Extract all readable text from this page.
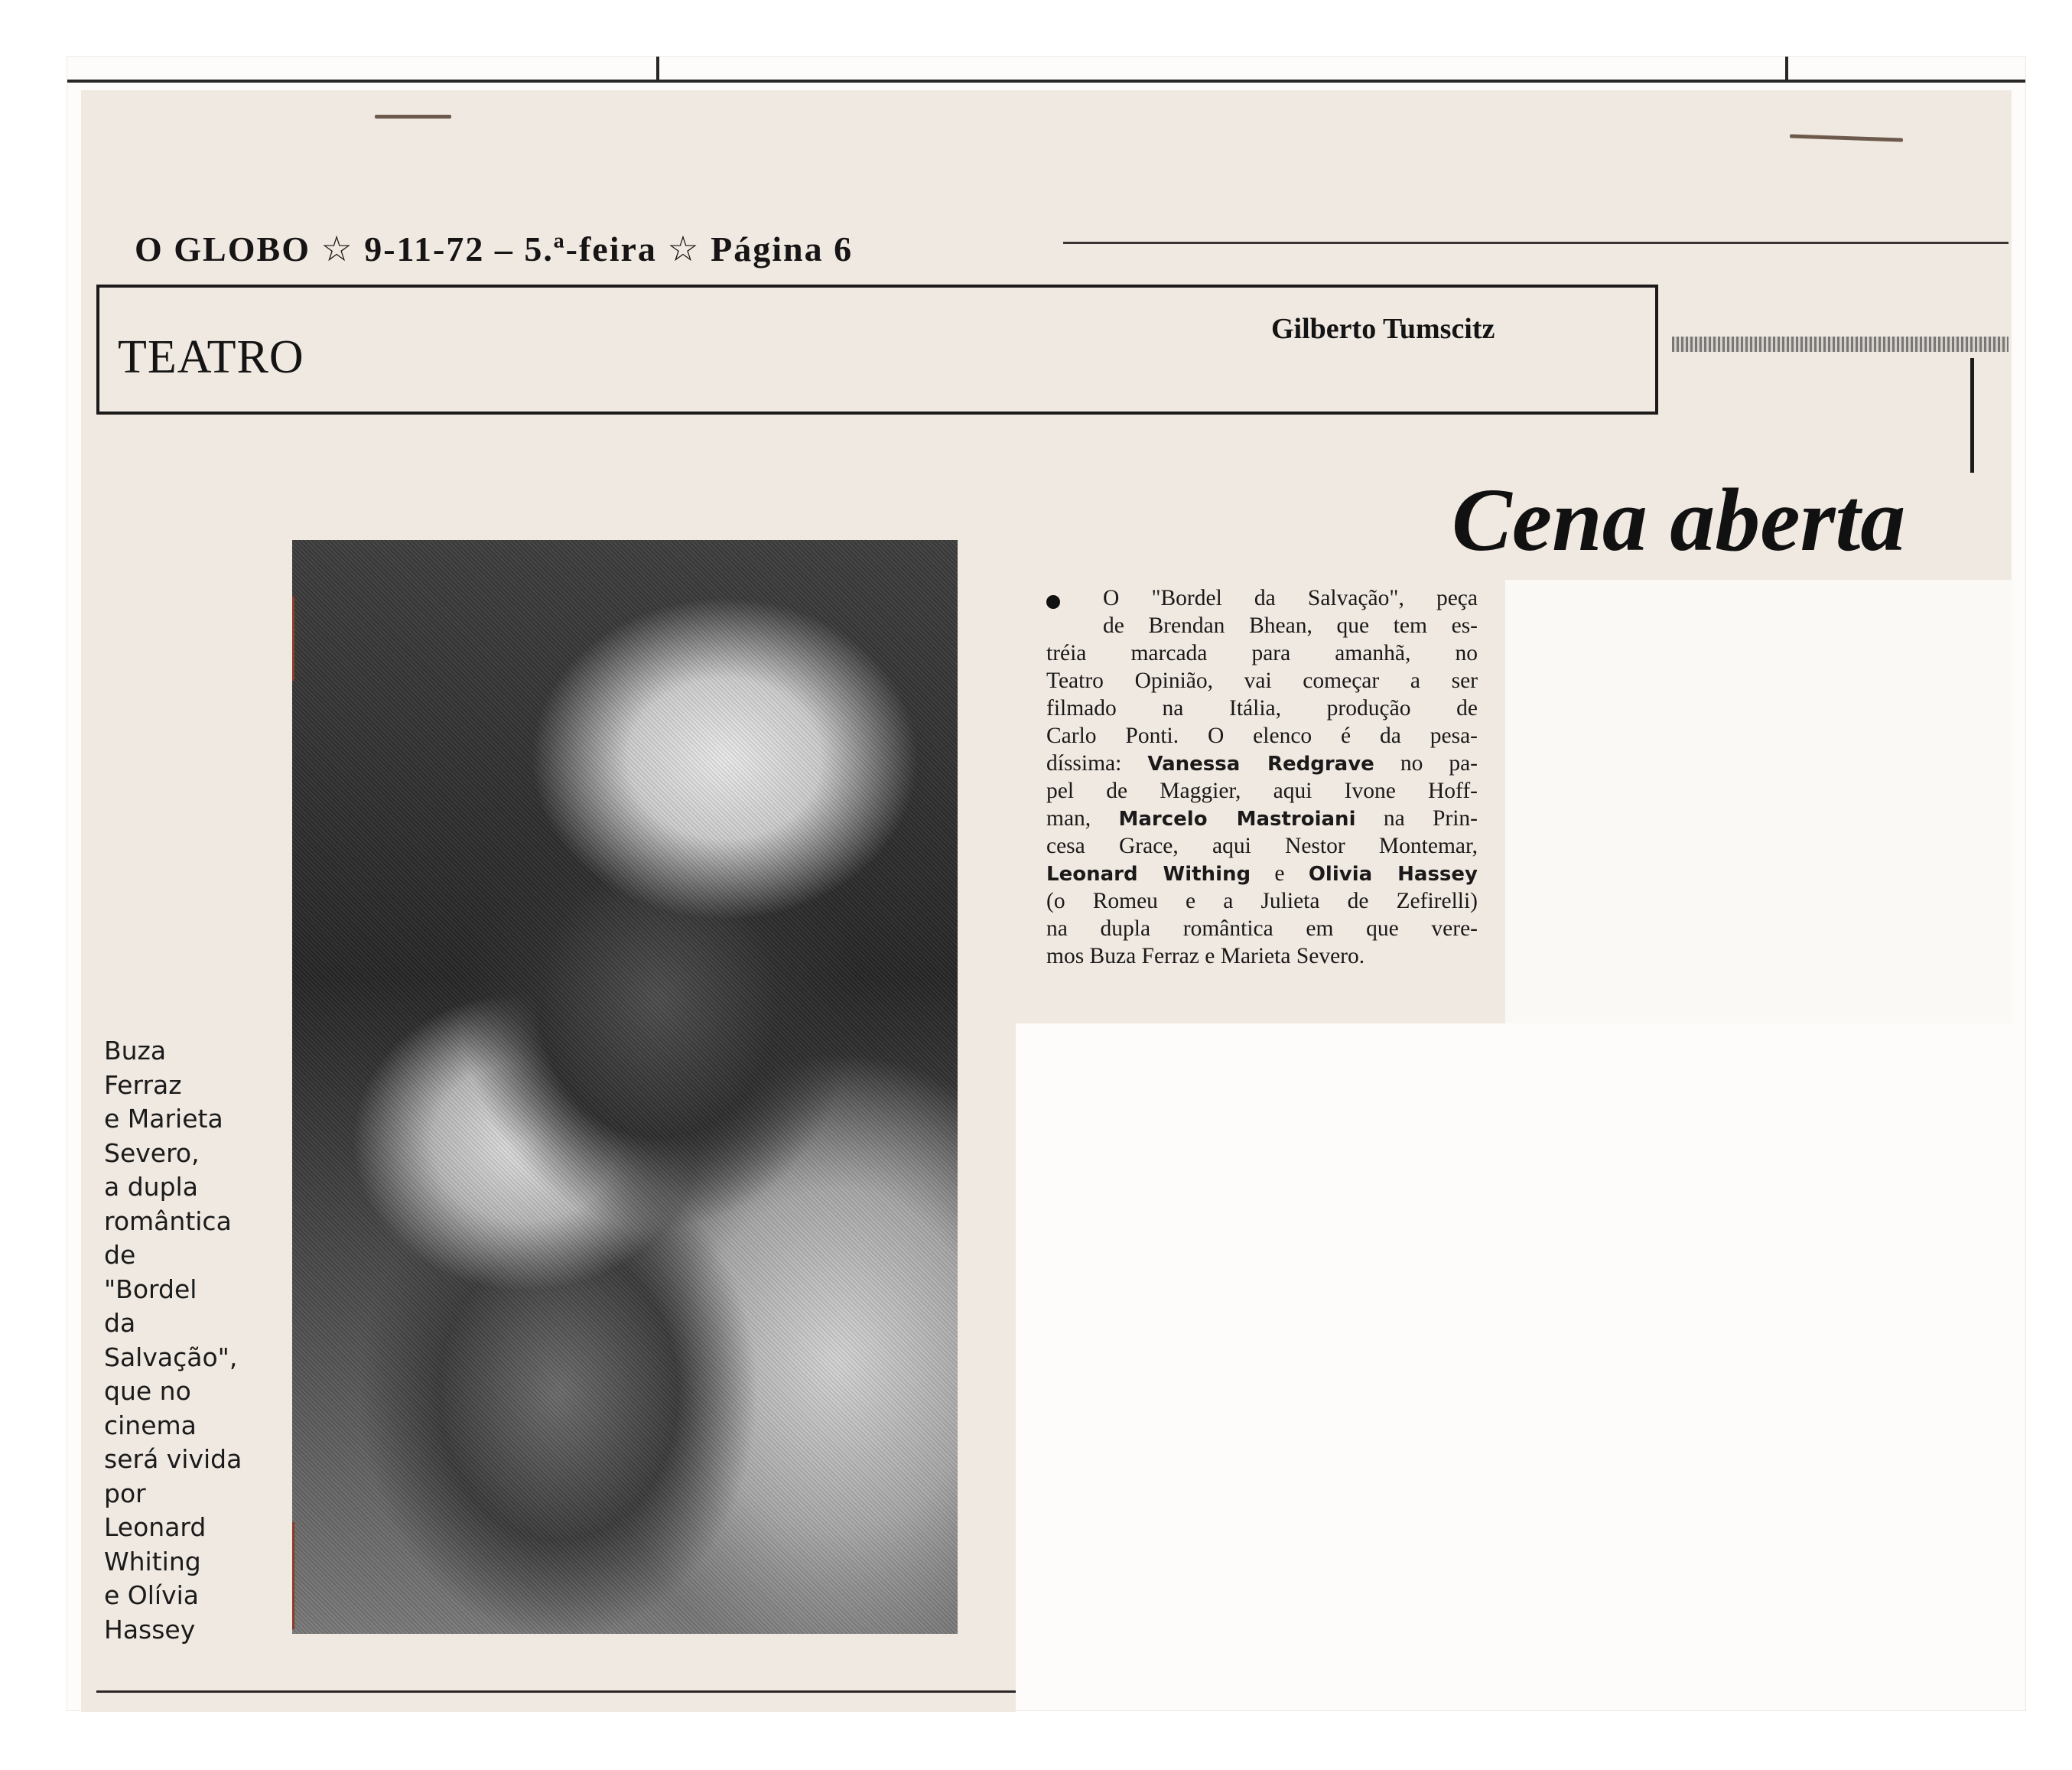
O GLOBO ☆ 9-11-72 – 5.ª-feira ☆ Página 6
TEATRO
Gilberto Tumscitz
Cena aberta
Buza
Ferraz
e Marieta
Severo,
a dupla
romântica
de
"Bordel
da
Salvação",
que no
cinema
será vivida
por
Leonard
Whiting
e Olívia
Hassey
O "Bordel da Salvação", peça
de Brendan Bhean, que tem es-
tréia marcada para amanhã, no
Teatro Opinião, vai começar a ser
filmado na Itália, produção de
Carlo Ponti. O elenco é da pesa-
díssima: Vanessa Redgrave no pa-
pel de Maggier, aqui Ivone Hoff-
man, Marcelo Mastroiani na Prin-
cesa Grace, aqui Nestor Montemar,
Leonard Withing e Olivia Hassey
(o Romeu e a Julieta de Zefirelli)
na dupla romântica em que vere-
mos Buza Ferraz e Marieta Severo.
